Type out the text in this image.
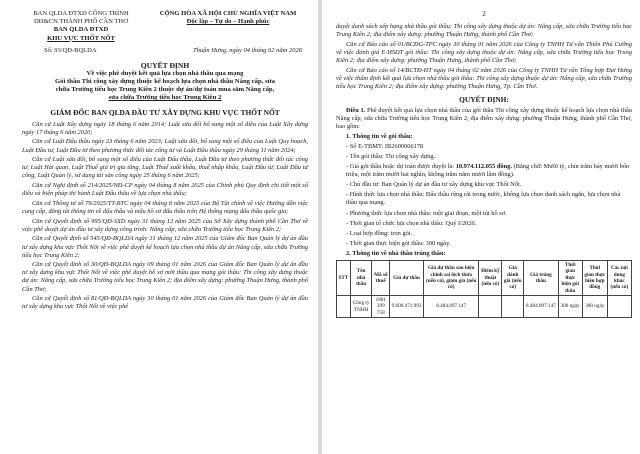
BAN QLDA ĐTXD CÔNG TRÌNH
DD&CN THÀNH PHỐ CẦN THƠ
BAN QLDA ĐTXD
KHU VỰC THỐT NỐT
CỘNG HÒA XÃ HỘI CHỦ NGHĨA VIỆT NAM
Độc lập – Tự do – Hạnh phúc
Số: 93/QĐ-BQLDA	Thuận Hưng, ngày 04 tháng 02 năm 2026
QUYẾT ĐỊNH
Về việc phê duyệt kết quả lựa chọn nhà thầu qua mạng
Gói thầu Thi công xây dựng thuộc kế hoạch lựa chọn nhà thầu Nâng cấp, sửa
chữa Trường tiểu học Trung Kiên 2 thuộc dự án/dự toán mua sắm Nâng cấp,
sửa chữa Trường tiểu học Trung Kiên 2
GIÁM ĐỐC BAN QLDA ĐẦU TƯ XÂY DỰNG KHU VỰC THỐT NỐT

Căn cứ Luật Xây dựng ngày 18 tháng 6 năm 2014; Luật sửa đổi bổ sung một số điều của Luật Xây dựng ngày 17 tháng 6 năm 2020;

Căn cứ Luật Đấu thầu ngày 23 tháng 6 năm 2023; Luật sửa đổi, bổ sung một số điều của Luật Quy hoạch, Luật Đầu tư, Luật Đầu tư theo phương thức đối tác công tư và Luật Đấu thầu ngày 29 tháng 11 năm 2024;

Căn cứ Luật sửa đổi, bổ sung một số điều của Luật Đấu thầu, Luật Đầu tư theo phương thức đối tác công tư, Luật Hải quan, Luật Thuế giá trị gia tăng, Luật Thuế xuất khẩu, thuế nhập khẩu, Luật Đầu tư, Luật Đầu tư công, Luật Quản lý, sử dụng tài sản công ngày 25 tháng 6 năm 2025;

Căn cứ Nghị định số 214/2025/NĐ-CP ngày 04 tháng 8 năm 2025 của Chính phủ Quy định chi tiết một số điều và biện pháp thi hành Luật Đấu thầu về lựa chọn nhà thầu;

Căn cứ Thông tư số 79/2025/TT-BTC ngày 04 tháng 8 năm 2025 của Bộ Tài chính về việc Hướng dẫn việc cung cấp, đăng tải thông tin về đấu thầu và mẫu hồ sơ đấu thầu trên Hệ thống mạng đấu thầu quốc gia;

Căn cứ Quyết định số 995/QĐ-SXD ngày 31 tháng 12 năm 2025 của Sở Xây dựng thành phố Cần Thơ về việc phê duyệt dự án đầu tư xây dựng công trình: Nâng cấp, sửa chữa Trường tiểu học Trung Kiên 2;

Căn cứ Quyết định số 545/QĐ-BQLDA ngày 31 tháng 12 năm 2025 của Giám đốc Ban Quản lý dự án đầu tư xây dựng khu vực Thốt Nốt về việc phê duyệt kế hoạch lựa chọn nhà thầu dự án Nâng cấp, sửa chữa Trường tiểu học Trung Kiên 2;

Căn cứ Quyết định số 30/QĐ-BQLDA ngày 09 tháng 01 năm 2026 của Giám đốc Ban Quản lý dự án đầu tư xây dựng khu vực Thốt Nốt về việc phê duyệt hồ sơ mời thầu qua mạng gói thầu: Thi công xây dựng thuộc dự án: Nâng cấp, sửa chữa Trường tiểu học Trung Kiên 2; địa điểm xây dựng: phường Thuận Hưng, thành phố Cần Thơ;

Căn cứ Quyết định số 81/QĐ-BQLDA ngày 30 tháng 01 năm 2026 của Giám đốc Ban Quản lý dự án đầu tư xây dựng khu vực Thốt Nốt về việc phê

2

duyệt danh sách xếp hạng nhà thầu gói thầu: Thi công xây dựng thuộc dự án: Nâng cấp, sửa chữa Trường tiểu học Trung Kiên 2; địa điểm xây dựng: phường Thuận Hưng, thành phố Cần Thơ;

Căn cứ Báo cáo số 01/BCĐG-TPC ngày 30 tháng 01 năm 2026 của Công ty TNHH Tư vấn Thiên Phú Cường về việc đánh giá E-HSDT gói thầu: Thi công xây dựng thuộc dự án: Nâng cấp, sửa chữa Trường tiểu học Trung Kiên 2; địa điểm xây dựng: phường Thuận Hưng, thành phố Cần Thơ;

Căn cứ Báo cáo số 14/BCTĐ-ĐT ngày 04 tháng 02 năm 2026 của Công ty TNHH Tư vấn Tổng hợp Đại Hưng về việc thẩm định kết quả lựa chọn nhà thầu gói thầu: Thi công xây dựng thuộc dự án: Nâng cấp, sửa chữa Trường tiểu học Trung Kiên 2; địa điểm xây dựng: phường Thuận Hưng, Tp. Cần Thơ.

QUYẾT ĐỊNH:

Điều 1. Phê duyệt kết quả lựa chọn nhà thầu của gói thầu Thi công xây dựng thuộc kế hoạch lựa chọn nhà thầu Nâng cấp, sửa chữa Trường tiểu học Trung Kiên 2, địa điểm xây dựng: phường Thuận Hưng, thành phố Cần Thơ, bao gồm:

1. Thông tin về gói thầu:

- Số E-TBMT: IB2600006178

- Tên gói thầu: Thi công xây dựng.

- Giá gói thầu hoặc dự toán được duyệt là: 10.974.112.055 đồng. (Bằng chữ: Mười tỷ, chín trăm bảy mươi bốn triệu, một trăm mười hai nghìn, không trăm năm mươi lăm đồng).

- Chủ đầu tư: Ban Quản lý dự án đầu tư xây dựng khu vực Thốt Nốt.

- Hình thức lựa chọn nhà thầu: Đấu thầu rộng rãi trong nước, không lựa chọn danh sách ngắn, lựa chọn nhà thầu qua mạng.

- Phương thức lựa chọn nhà thầu: một giai đoạn, một túi hồ sơ.

- Thời gian tổ chức lựa chọn nhà thầu: Quý I/2026.

- Loại hợp đồng: trọn gói.

- Thời gian thực hiện gói thầu: 300 ngày.

2. Thông tin về nhà thầu trúng thầu:

STT	Tên nhà thầu	Mã số thuế	Giá dự thầu	Giá dự thầu sau hiệu chỉnh sai lệch thừa (nếu có), giảm giá (nếu có)	Điểm kỹ thuật (nếu có)	Giá đánh giá (nếu có)	Giá trúng thầu	Thời gian thực hiện gói thầu	Thời gian thực hiện hợp đồng	Các nội dung khác (nếu có)
	Công ty TNHH	1801 399 758	9.600.471.993	8.484.897.147			8.484.897.147	300 ngày	300 ngày	
